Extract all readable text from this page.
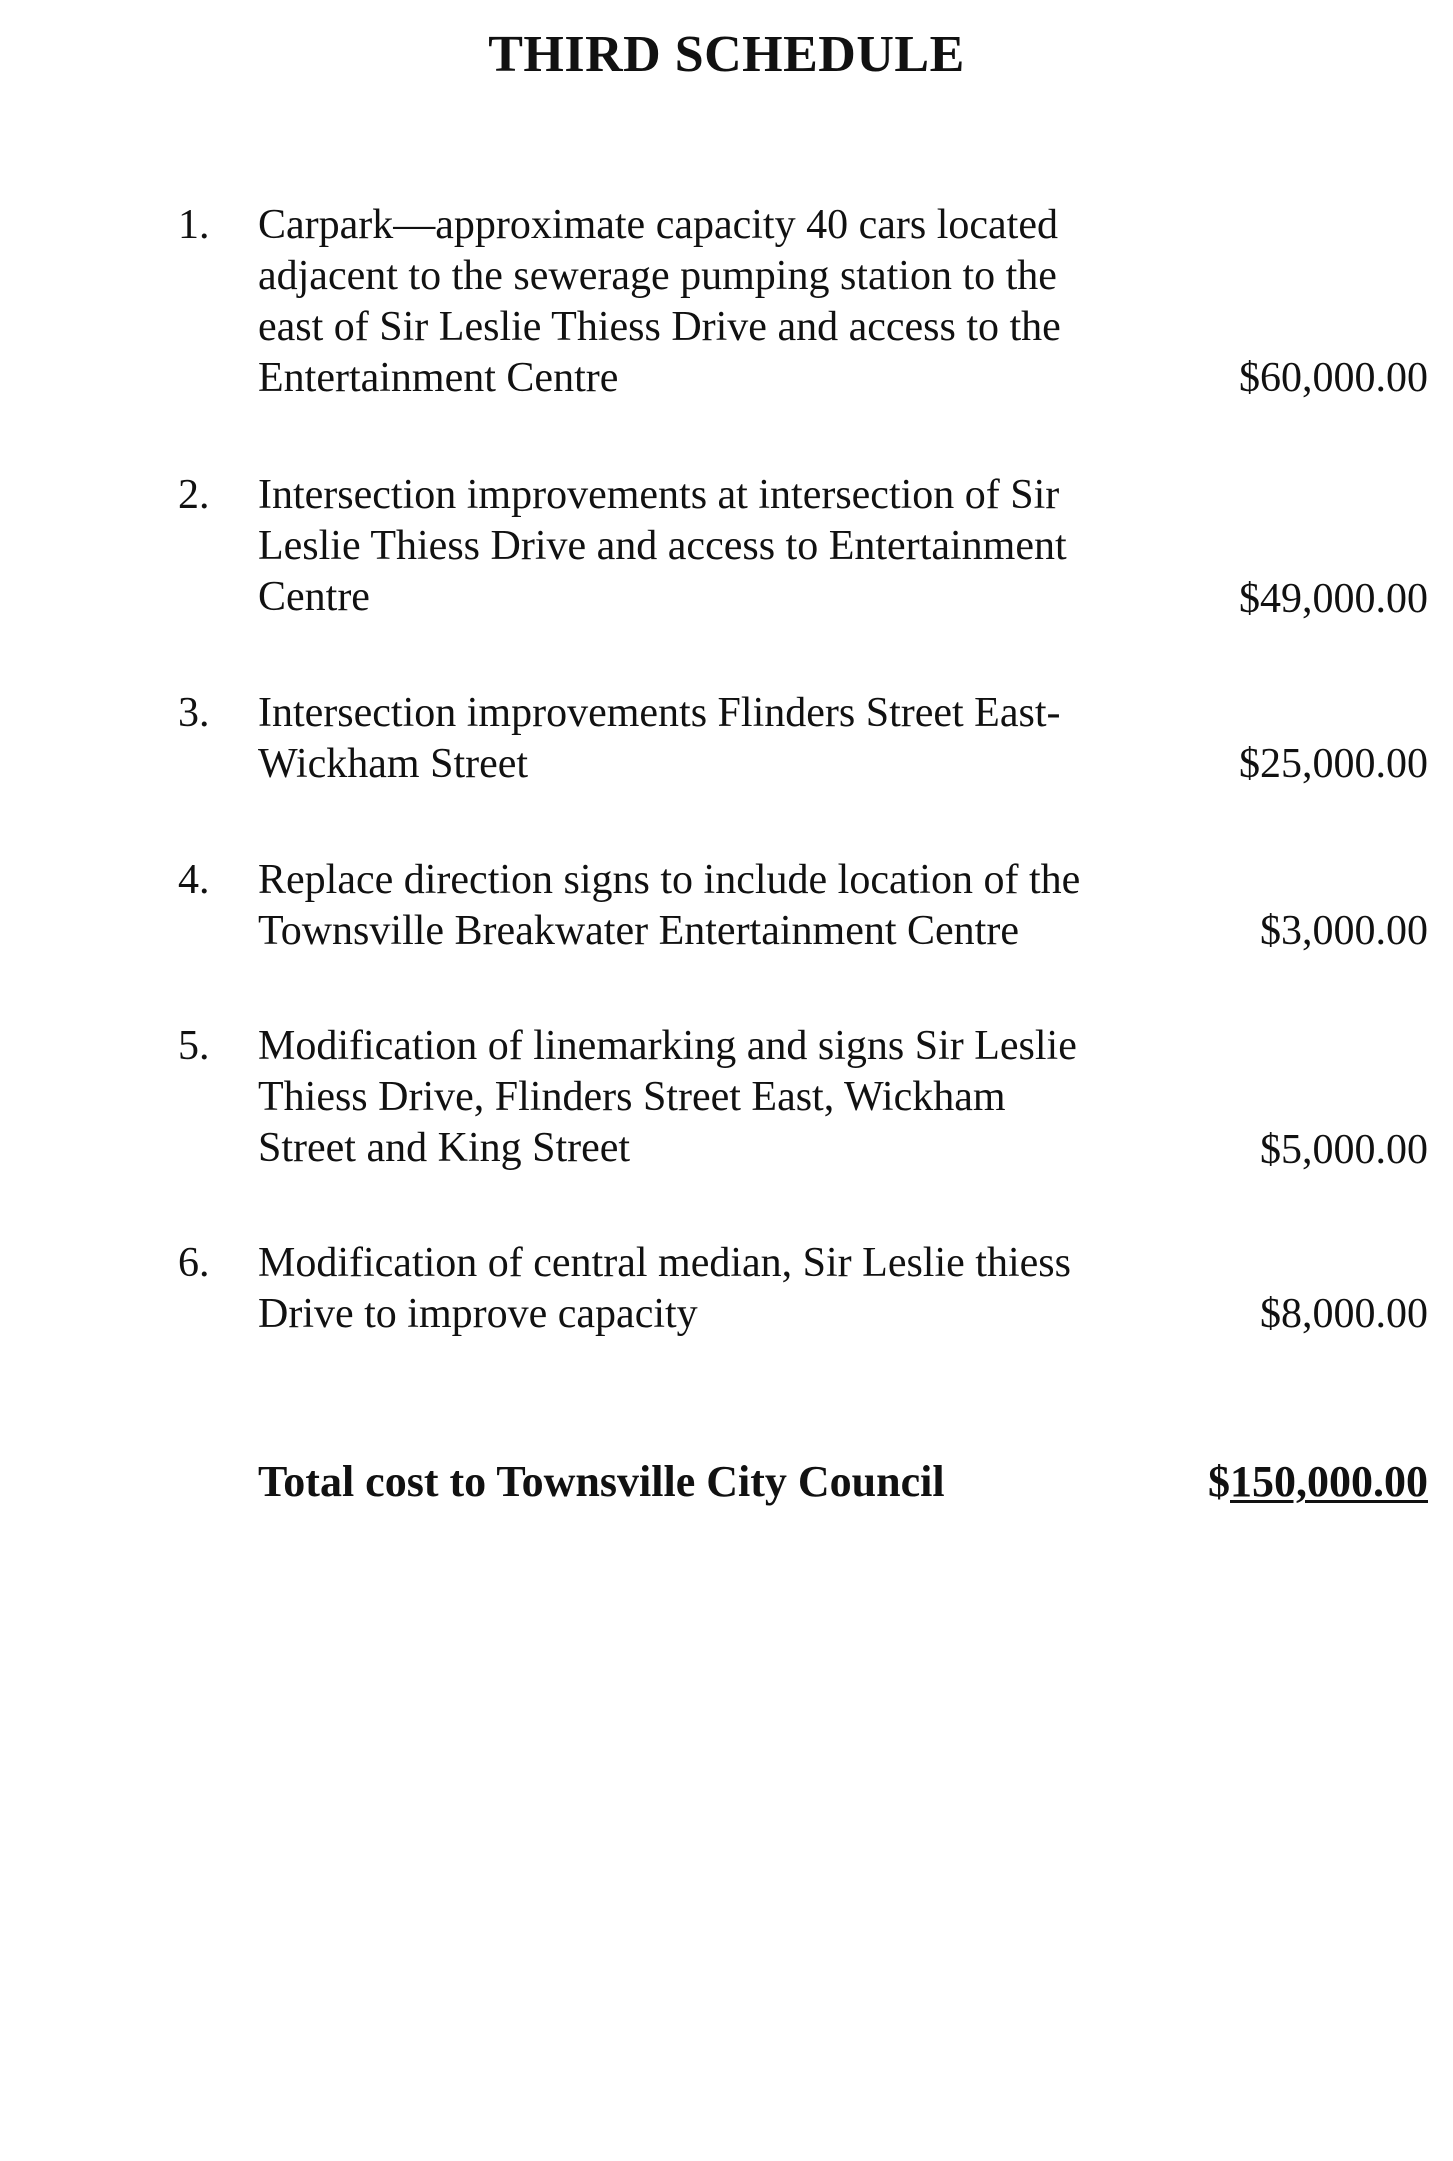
THIRD SCHEDULE
1. Carpark—approximate capacity 40 cars located
adjacent to the sewerage pumping station to the
east of Sir Leslie Thiess Drive and access to the
Entertainment Centre	$60,000.00
2. Intersection improvements at intersection of Sir
Leslie Thiess Drive and access to Entertainment
Centre	$49,000.00
3. Intersection improvements Flinders Street East-
Wickham Street	$25,000.00
4. Replace direction signs to include location of the
Townsville Breakwater Entertainment Centre	$3,000.00
5. Modification of linemarking and signs Sir Leslie
Thiess Drive, Flinders Street East, Wickham
Street and King Street	$5,000.00
6. Modification of central median, Sir Leslie thiess
Drive to improve capacity	$8,000.00
Total cost to Townsville City Council	$150,000.00
